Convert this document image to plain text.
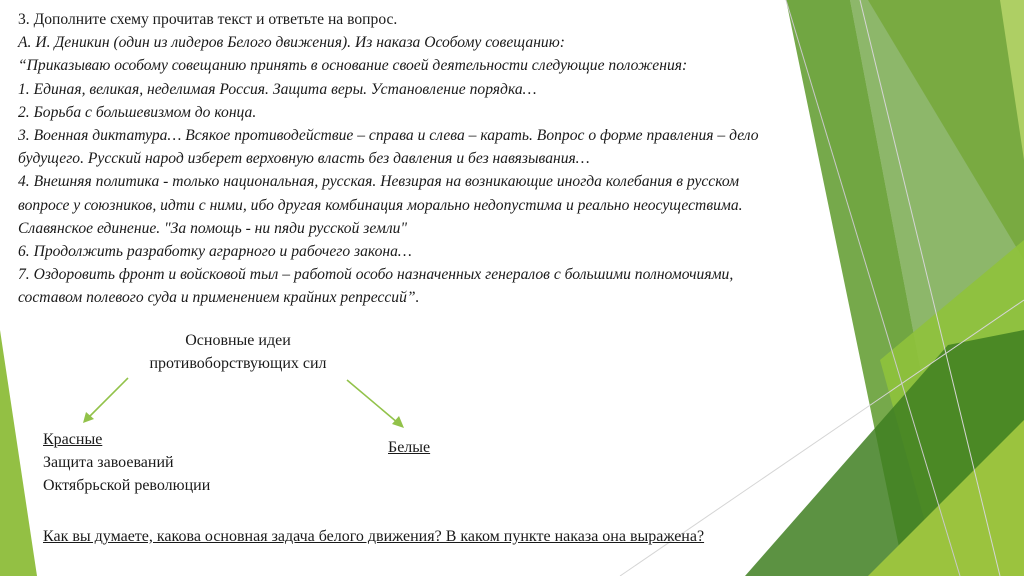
3. Дополните схему прочитав текст и ответьте на вопрос.
А. И. Деникин (один из лидеров Белого движения). Из наказа Особому совещанию:
“Приказываю особому совещанию принять в основание своей деятельности следующие положения:
1. Единая, великая, неделимая Россия. Защита веры. Установление порядка…
2. Борьба с большевизмом до конца.
3. Военная диктатура… Всякое противодействие – справа и слева – карать. Вопрос о форме правления – дело
будущего. Русский народ изберет верховную власть без давления и без навязывания…
4. Внешняя политика - только национальная, русская. Невзирая на возникающие иногда колебания в русском
вопросе у союзников, идти с ними, ибо другая комбинация морально недопустима и реально неосуществима.
Славянское единение. "За помощь - ни пяди русской земли"
6. Продолжить разработку аграрного и рабочего закона…
7. Оздоровить фронт и войсковой тыл – работой особо назначенных генералов с большими полномочиями,
составом полевого суда и применением крайних репрессий”.
Основные идеи
противоборствующих сил
Красные
Защита завоеваний
Октябрьской революции
Белые
Как вы думаете, какова основная задача белого движения? В каком пункте наказа она выражена?
